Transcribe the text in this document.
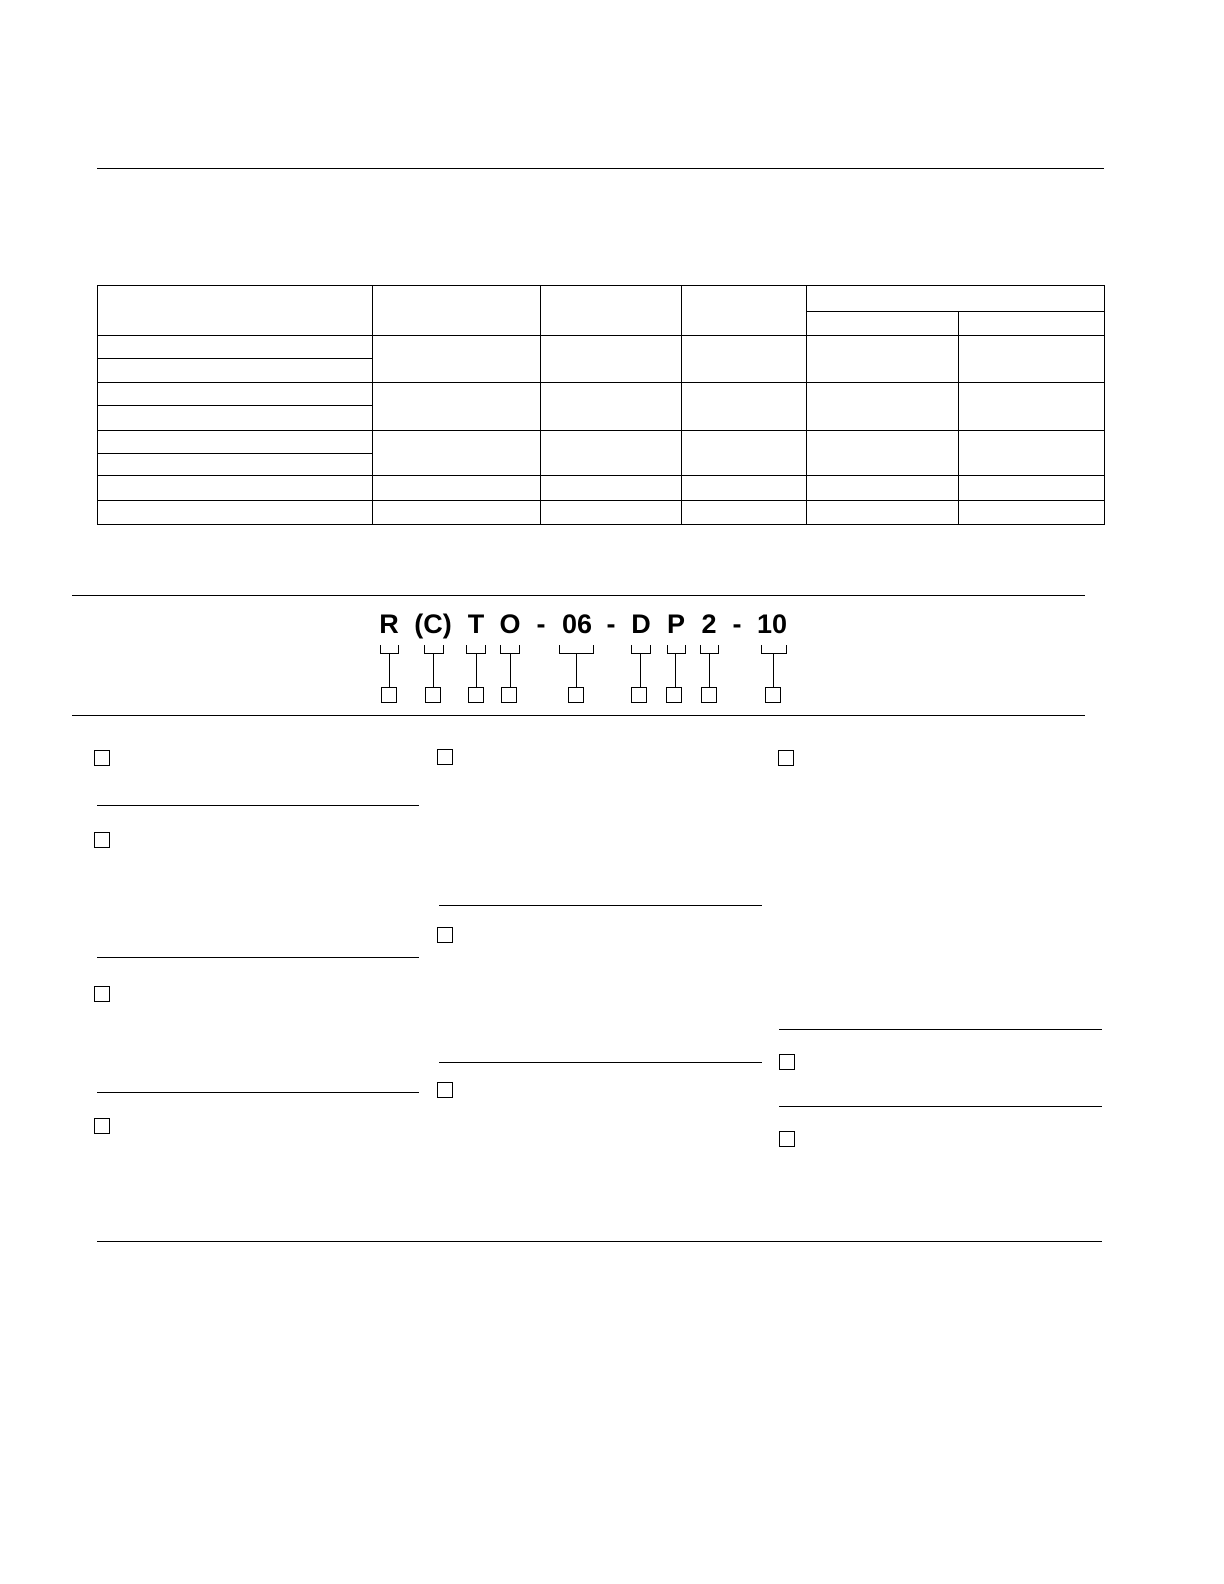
R (C) T O - 06 - D P 2 - 10
